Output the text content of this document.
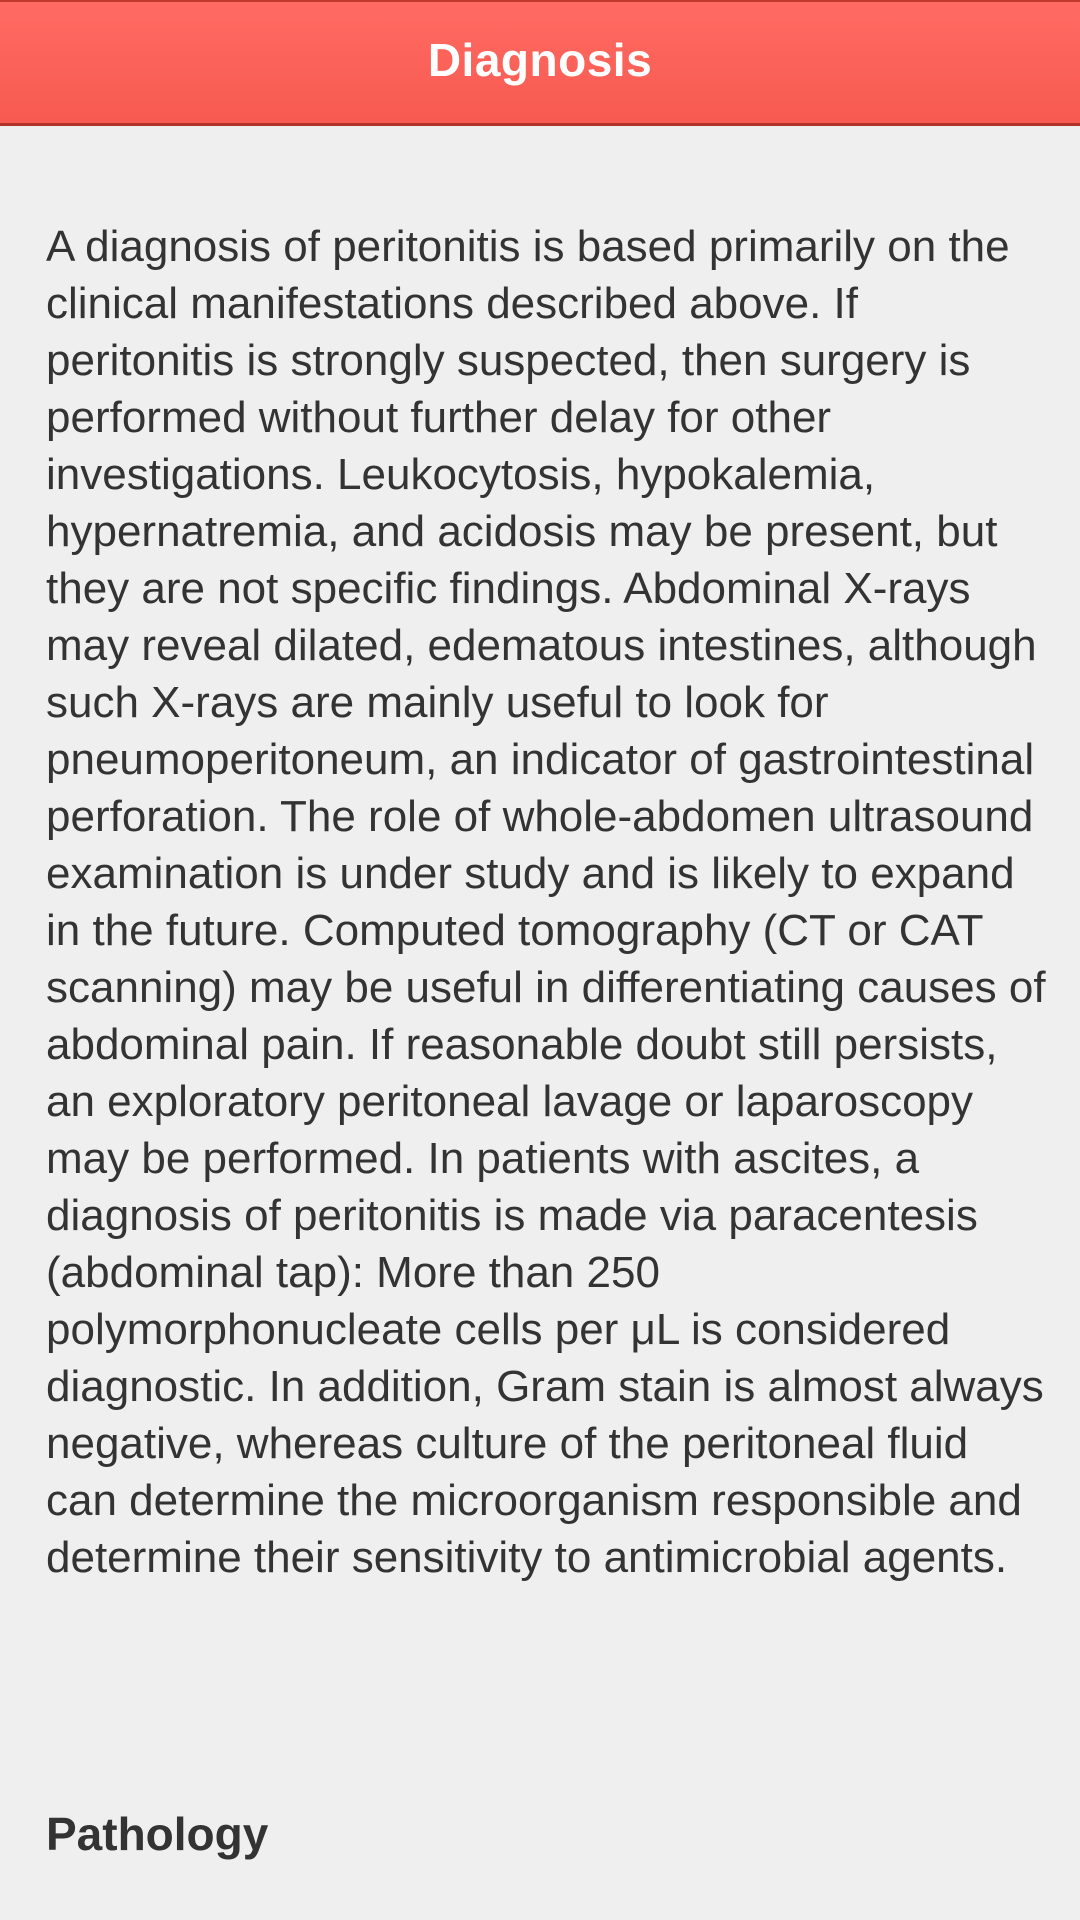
Diagnosis

A diagnosis of peritonitis is based primarily on the clinical manifestations described above. If peritonitis is strongly suspected, then surgery is performed without further delay for other investigations. Leukocytosis, hypokalemia, hypernatremia, and acidosis may be present, but they are not specific findings. Abdominal X-rays may reveal dilated, edematous intestines, although such X-rays are mainly useful to look for pneumoperitoneum, an indicator of gastrointestinal perforation. The role of whole-abdomen ultrasound examination is under study and is likely to expand in the future. Computed tomography (CT or CAT scanning) may be useful in differentiating causes of abdominal pain. If reasonable doubt still persists, an exploratory peritoneal lavage or laparoscopy may be performed. In patients with ascites, a diagnosis of peritonitis is made via paracentesis (abdominal tap): More than 250 polymorphonucleate cells per μL is considered diagnostic. In addition, Gram stain is almost always negative, whereas culture of the peritoneal fluid can determine the microorganism responsible and determine their sensitivity to antimicrobial agents.

Pathology
